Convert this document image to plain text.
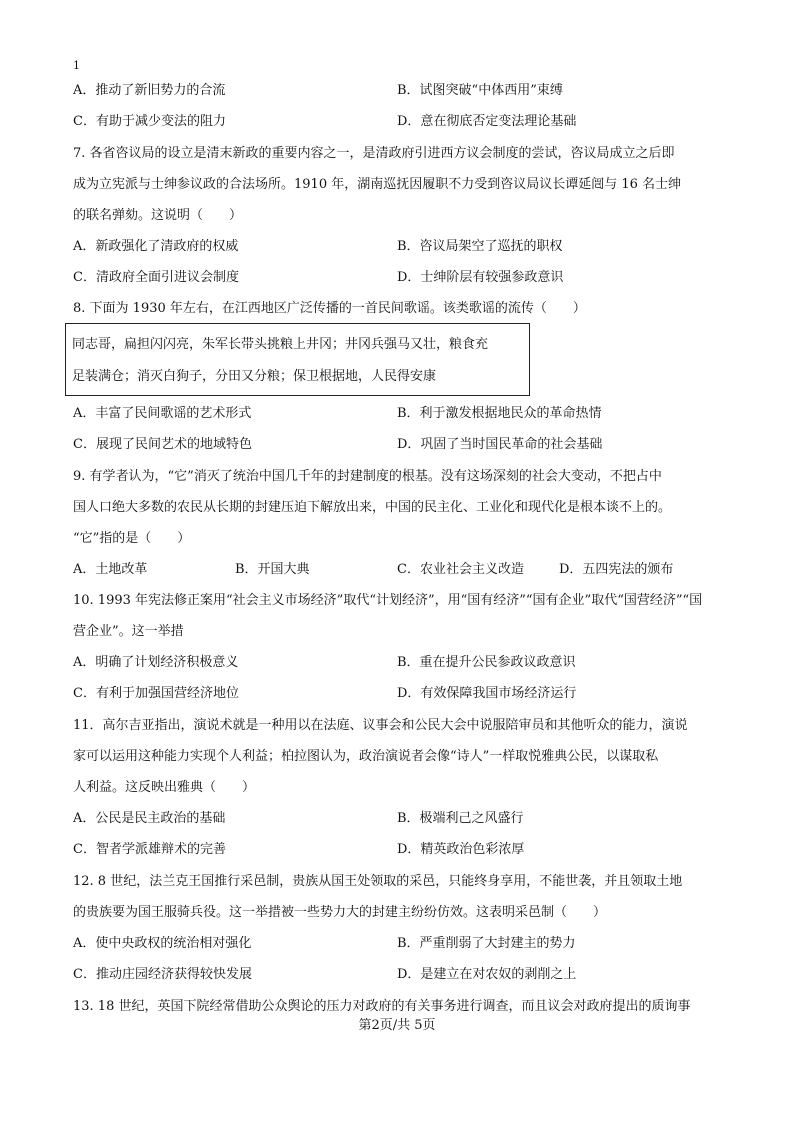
1
A．推动了新旧势力的合流	B．试图突破“中体西用”束缚
C．有助于减少变法的阻力	D．意在彻底否定变法理论基础
7. 各省咨议局的设立是清末新政的重要内容之一，是清政府引进西方议会制度的尝试，咨议局成立之后即
成为立宪派与士绅参议政的合法场所。1910 年，湖南巡抚因履职不力受到咨议局议长谭延闿与 16 名士绅
的联名弹劾。这说明（　　）
A．新政强化了清政府的权威	B．咨议局架空了巡抚的职权
C．清政府全面引进议会制度	D．士绅阶层有较强参政意识
8. 下面为 1930 年左右，在江西地区广泛传播的一首民间歌谣。该类歌谣的流传（　　）
同志哥，扁担闪闪亮，朱军长带头挑粮上井冈；井冈兵强马又壮，粮食充
足装满仓；消灭白狗子，分田又分粮；保卫根据地，人民得安康
A．丰富了民间歌谣的艺术形式	B．利于激发根据地民众的革命热情
C．展现了民间艺术的地域特色	D．巩固了当时国民革命的社会基础
9. 有学者认为，“它”消灭了统治中国几千年的封建制度的根基。没有这场深刻的社会大变动，不把占中
国人口绝大多数的农民从长期的封建压迫下解放出来，中国的民主化、工业化和现代化是根本谈不上的。
“它”指的是（　　）
A．土地改革	B．开国大典	C．农业社会主义改造	D．五四宪法的颁布
10. 1993 年宪法修正案用“社会主义市场经济”取代“计划经济”，用“国有经济”“国有企业”取代“国营经济”“国
营企业”。这一举措
A．明确了计划经济积极意义	B．重在提升公民参政议政意识
C．有利于加强国营经济地位	D．有效保障我国市场经济运行
11．高尔吉亚指出，演说术就是一种用以在法庭、议事会和公民大会中说服陪审员和其他听众的能力，演说
家可以运用这种能力实现个人利益；柏拉图认为，政治演说者会像“诗人”一样取悦雅典公民，以谋取私
人利益。这反映出雅典（　　）
A．公民是民主政治的基础	B．极端利己之风盛行
C．智者学派雄辩术的完善	D．精英政治色彩浓厚
12. 8 世纪，法兰克王国推行采邑制，贵族从国王处领取的采邑，只能终身享用，不能世袭，并且领取土地
的贵族要为国王服骑兵役。这一举措被一些势力大的封建主纷纷仿效。这表明采邑制（　　）
A．使中央政权的统治相对强化	B．严重削弱了大封建主的势力
C．推动庄园经济获得较快发展	D．是建立在对农奴的剥削之上
13. 18 世纪，英国下院经常借助公众舆论的压力对政府的有关事务进行调查，而且议会对政府提出的质询事
第2页/共 5页
